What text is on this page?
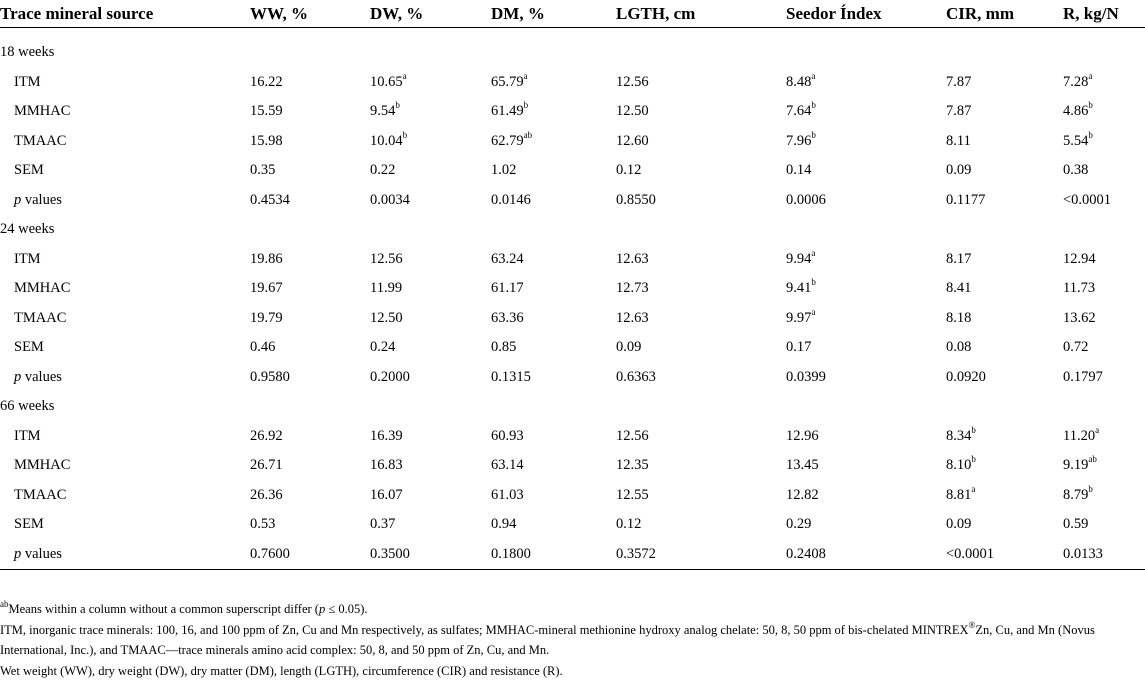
Trace mineral source	WW, %	DW, %	DM, %	LGTH, cm	Seedor Índex	CIR, mm	R, kg/N

18 weeks							
ITM	16.22	10.65$^a$	65.79$^a$	12.56	8.48$^a$	7.87	7.28$^a$
MMHAC	15.59	9.54$^b$	61.49$^b$	12.50	7.64$^b$	7.87	4.86$^b$
TMAAC	15.98	10.04$^b$	62.79$^{ab}$	12.60	7.96$^b$	8.11	5.54$^b$
SEM	0.35	0.22	1.02	0.12	0.14	0.09	0.38
p values	0.4534	0.0034	0.0146	0.8550	0.0006	0.1177	<0.0001
24 weeks							
ITM	19.86	12.56	63.24	12.63	9.94$^a$	8.17	12.94
MMHAC	19.67	11.99	61.17	12.73	9.41$^b$	8.41	11.73
TMAAC	19.79	12.50	63.36	12.63	9.97$^a$	8.18	13.62
SEM	0.46	0.24	0.85	0.09	0.17	0.08	0.72
p values	0.9580	0.2000	0.1315	0.6363	0.0399	0.0920	0.1797
66 weeks							
ITM	26.92	16.39	60.93	12.56	12.96	8.34$^b$	11.20$^a$
MMHAC	26.71	16.83	63.14	12.35	13.45	8.10$^b$	9.19$^{ab}$
TMAAC	26.36	16.07	61.03	12.55	12.82	8.81$^a$	8.79$^b$
SEM	0.53	0.37	0.94	0.12	0.29	0.09	0.59
p values	0.7600	0.3500	0.1800	0.3572	0.2408	<0.0001	0.0133

$^{ab}$Means within a column without a common superscript differ (p ≤ 0.05).

ITM, inorganic trace minerals: 100, 16, and 100 ppm of Zn, Cu and Mn respectively, as sulfates; MMHAC-mineral methionine hydroxy analog chelate: 50, 8, 50 ppm of bis-chelated MINTREX®Zn, Cu, and Mn (Novus International, Inc.), and TMAAC—trace minerals amino acid complex: 50, 8, and 50 ppm of Zn, Cu, and Mn.

Wet weight (WW), dry weight (DW), dry matter (DM), length (LGTH), circumference (CIR) and resistance (R).
